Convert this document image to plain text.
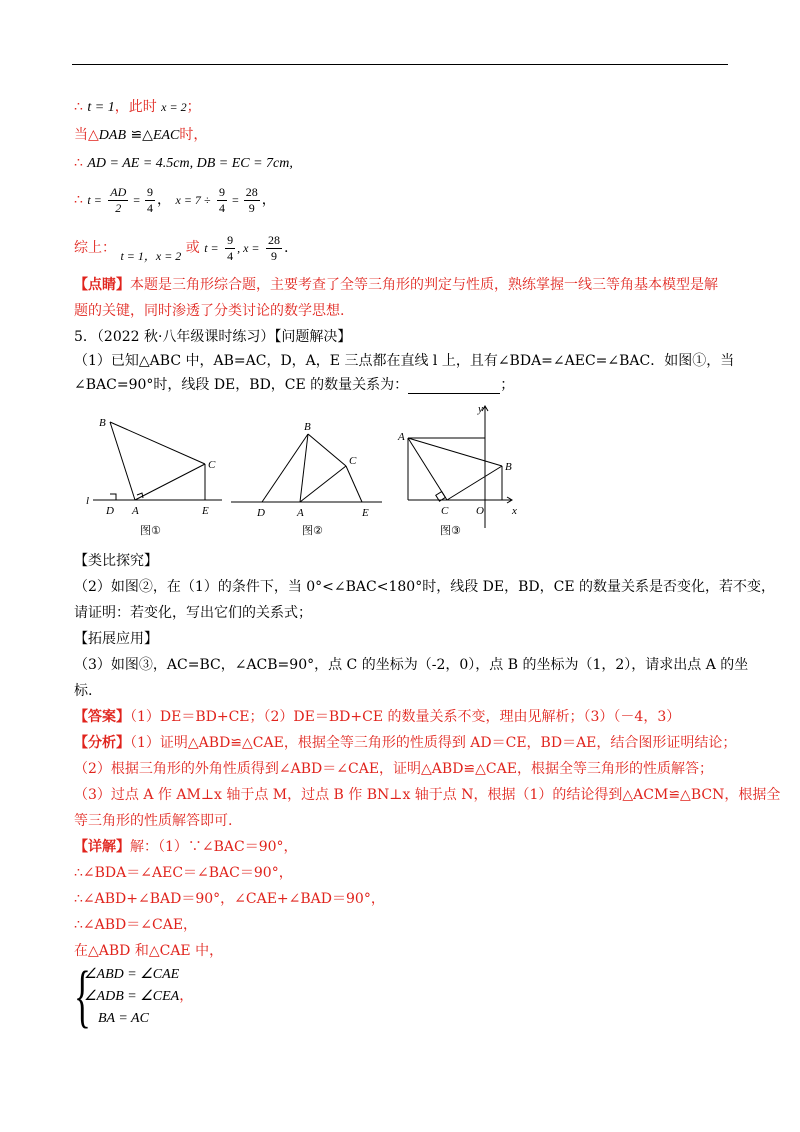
∴ t = 1，此时 x = 2；
当△DAB ≌△EAC时，
∴ AD = AE = 4.5cm, DB = EC = 7cm,
∴ $t = \frac{AD}{2} = \frac{9}{4}$ ， $x = 7 \div \frac{9}{4} = \frac{28}{9}$ ，
综上： t = 1，x = 2 或 $t = \frac{9}{4}$ , $x = \frac{28}{9}$ .
【点睛】本题是三角形综合题，主要考查了全等三角形的判定与性质，熟练掌握一线三等角基本模型是解
题的关键，同时渗透了分类讨论的数学思想.
5．（2022 秋·八年级课时练习）【问题解决】
（1）已知△ABC 中，AB=AC，D，A，E 三点都在直线 l 上，且有∠BDA=∠AEC=∠BAC．如图①，当
∠BAC=90°时，线段 DE，BD，CE 的数量关系为：	；
B
C
l
D A	E
图①
B
C
D	A	E
图②
A
B
C	O	x
y
图③
【类比探究】
（2）如图②，在（1）的条件下，当 0°<∠BAC<180°时，线段 DE，BD，CE 的数量关系是否变化，若不变，
请证明：若变化，写出它们的关系式；
【拓展应用】
（3）如图③，AC=BC，∠ACB=90°，点 C 的坐标为（-2，0），点 B 的坐标为（1，2），请求出点 A 的坐
标.
【答案】（1）DE＝BD+CE；（2）DE＝BD+CE 的数量关系不变，理由见解析；（3）（－4，3）
【分析】（1）证明△ABD≌△CAE，根据全等三角形的性质得到 AD＝CE，BD＝AE，结合图形证明结论；
（2）根据三角形的外角性质得到∠ABD＝∠CAE，证明△ABD≌△CAE，根据全等三角形的性质解答；
（3）过点 A 作 AM⊥x 轴于点 M，过点 B 作 BN⊥x 轴于点 N，根据（1）的结论得到△ACM≌△BCN，根据全
等三角形的性质解答即可.
【详解】解：（1）∵∠BAC＝90°，
∴∠BDA＝∠AEC＝∠BAC＝90°，
∴∠ABD+∠BAD＝90°，∠CAE+∠BAD＝90°，
∴∠ABD＝∠CAE，
在△ABD 和△CAE 中，
{
∠ABD = ∠CAE
∠ADB = ∠CEA，
BA = AC
